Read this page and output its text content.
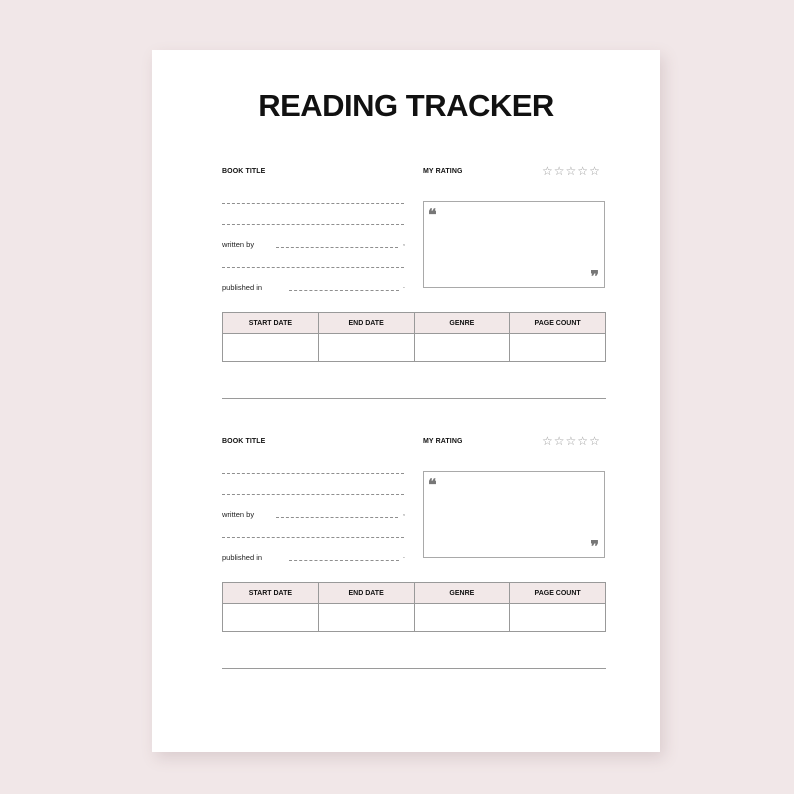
READING TRACKER
BOOK TITLE	MY RATING	☆ ☆ ☆ ☆ ☆
written by	,
published in	.
❝
❞
START DATE	END DATE	GENRE	PAGE COUNT

BOOK TITLE	MY RATING	☆ ☆ ☆ ☆ ☆
written by	,
published in	.
❝
❞
START DATE	END DATE	GENRE	PAGE COUNT
